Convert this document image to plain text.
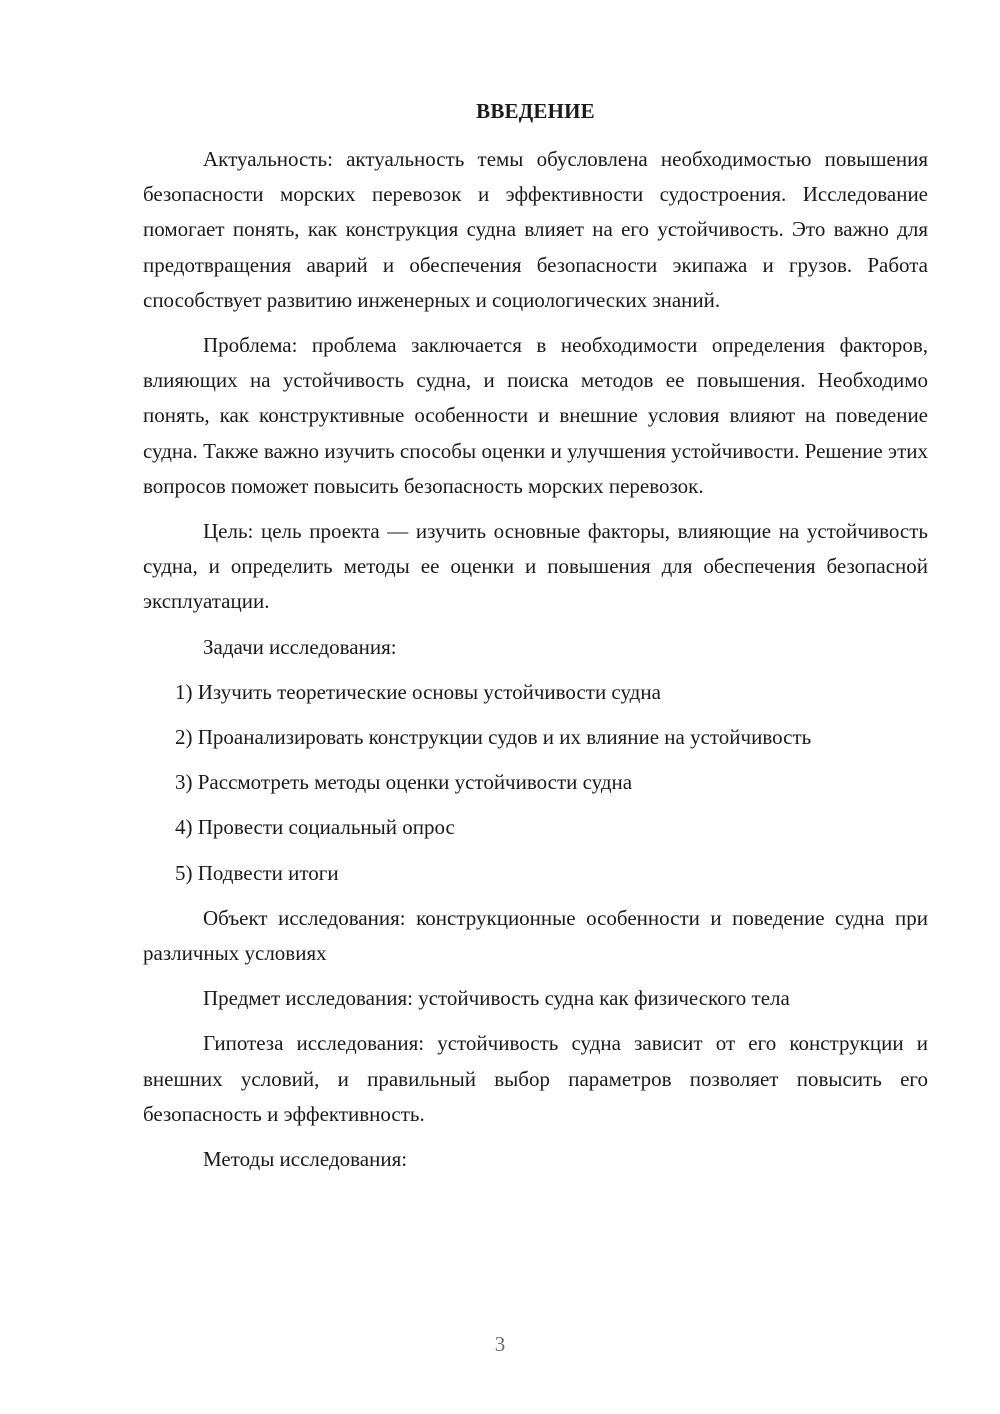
ВВЕДЕНИЕ

Актуальность: актуальность темы обусловлена необходимостью повышения безопасности морских перевозок и эффективности судостроения. Исследование помогает понять, как конструкция судна влияет на его устойчивость. Это важно для предотвращения аварий и обеспечения безопасности экипажа и грузов. Работа способствует развитию инженерных и социологических знаний.

Проблема: проблема заключается в необходимости определения факторов, влияющих на устойчивость судна, и поиска методов ее повышения. Необходимо понять, как конструктивные особенности и внешние условия влияют на поведение судна. Также важно изучить способы оценки и улучшения устойчивости. Решение этих вопросов поможет повысить безопасность морских перевозок.

Цель: цель проекта — изучить основные факторы, влияющие на устойчивость судна, и определить методы ее оценки и повышения для обеспечения безопасной эксплуатации.

Задачи исследования:

1) Изучить теоретические основы устойчивости судна

2) Проанализировать конструкции судов и их влияние на устойчивость

3) Рассмотреть методы оценки устойчивости судна

4) Провести социальный опрос

5) Подвести итоги

Объект исследования: конструкционные особенности и поведение судна при различных условиях

Предмет исследования: устойчивость судна как физического тела

Гипотеза исследования: устойчивость судна зависит от его конструкции и внешних условий, и правильный выбор параметров позволяет повысить его безопасность и эффективность.

Методы исследования:

3
